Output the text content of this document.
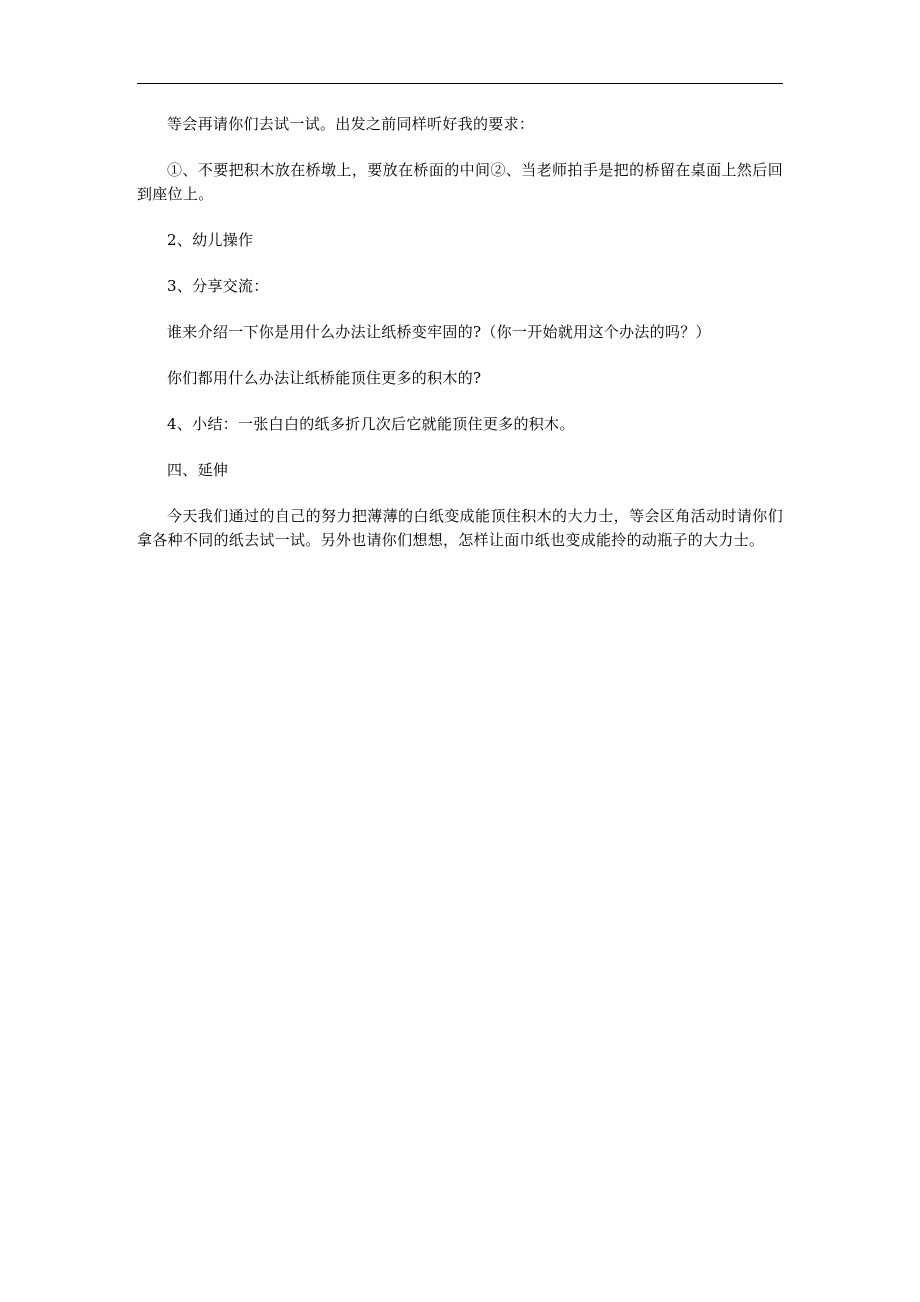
等会再请你们去试一试。出发之前同样听好我的要求：

①、不要把积木放在桥墩上，要放在桥面的中间②、当老师拍手是把的桥留在桌面上然后回到座位上。

2、幼儿操作

3、分享交流：

谁来介绍一下你是用什么办法让纸桥变牢固的?（你一开始就用这个办法的吗？）

你们都用什么办法让纸桥能顶住更多的积木的?

4、小结：一张白白的纸多折几次后它就能顶住更多的积木。

四、延伸

今天我们通过的自己的努力把薄薄的白纸变成能顶住积木的大力士，等会区角活动时请你们拿各种不同的纸去试一试。另外也请你们想想，怎样让面巾纸也变成能拎的动瓶子的大力士。
